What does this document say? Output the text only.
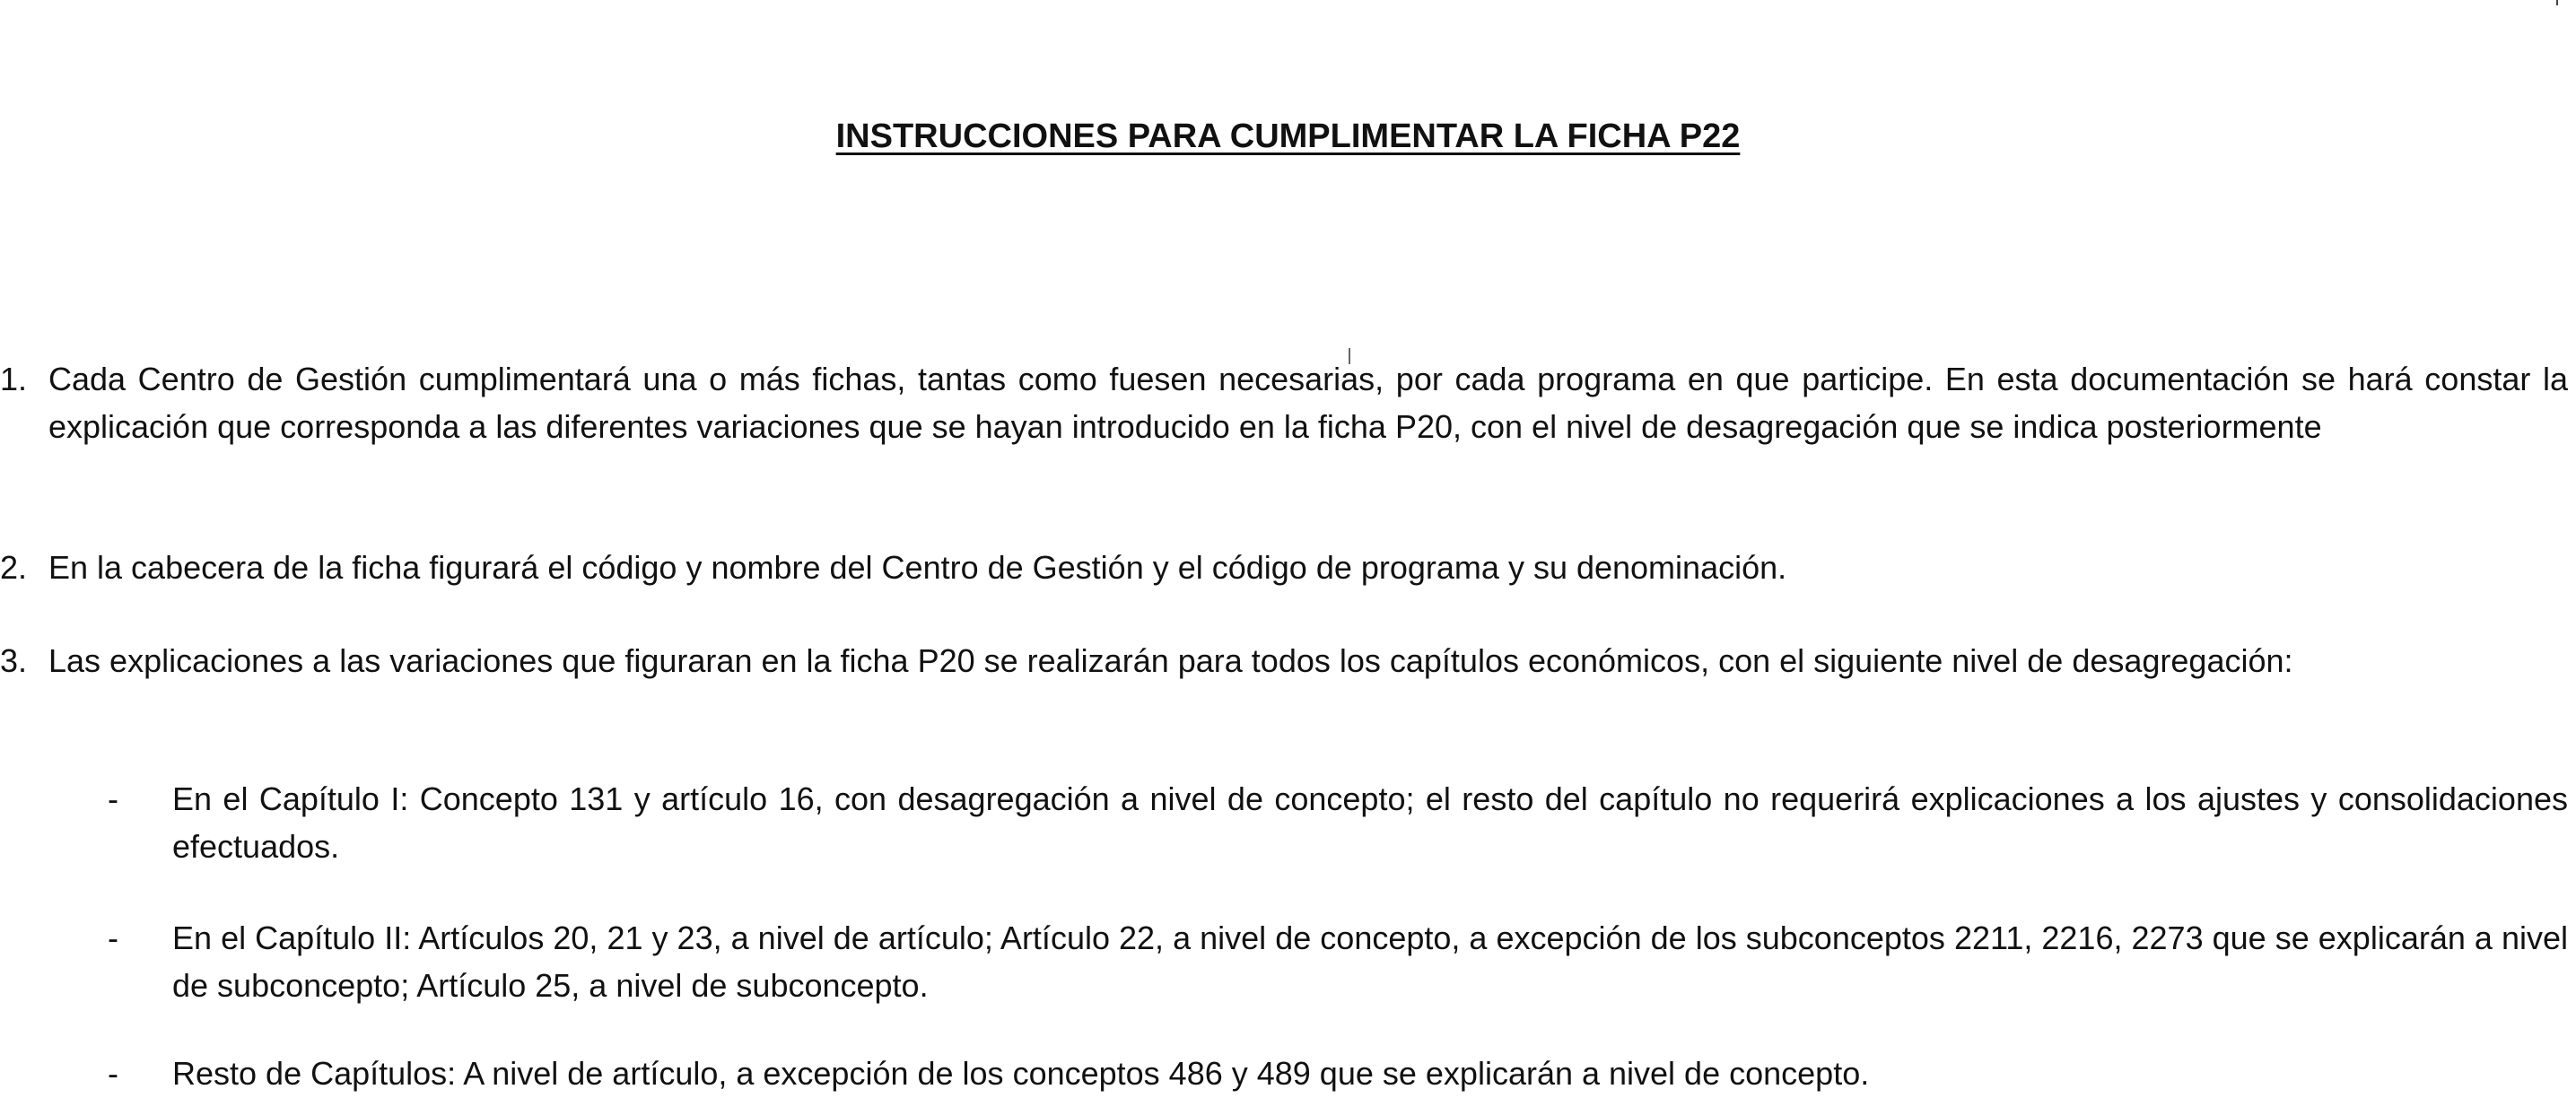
INSTRUCCIONES PARA CUMPLIMENTAR LA FICHA P22
1. Cada Centro de Gestión cumplimentará una o más fichas, tantas como fuesen necesarias, por cada programa en que participe. En esta documentación se hará constar la explicación que corresponda a las diferentes variaciones que se hayan introducido en la ficha P20, con el nivel de desagregación que se indica posteriormente
2. En la cabecera de la ficha figurará el código y nombre del Centro de Gestión y el código de programa y su denominación.
3. Las explicaciones a las variaciones que figuraran en la ficha P20 se realizarán para todos los capítulos económicos, con el siguiente nivel de desagregación:
-	En el Capítulo I: Concepto 131 y artículo 16, con desagregación a nivel de concepto; el resto del capítulo no requerirá explicaciones a los ajustes y consolidaciones efectuados.
-	En el Capítulo II: Artículos 20, 21 y 23, a nivel de artículo; Artículo 22, a nivel de concepto, a excepción de los subconceptos 2211, 2216, 2273 que se explicarán a nivel de subconcepto; Artículo 25, a nivel de subconcepto.
-	Resto de Capítulos: A nivel de artículo, a excepción de los conceptos 486 y 489 que se explicarán a nivel de concepto.
